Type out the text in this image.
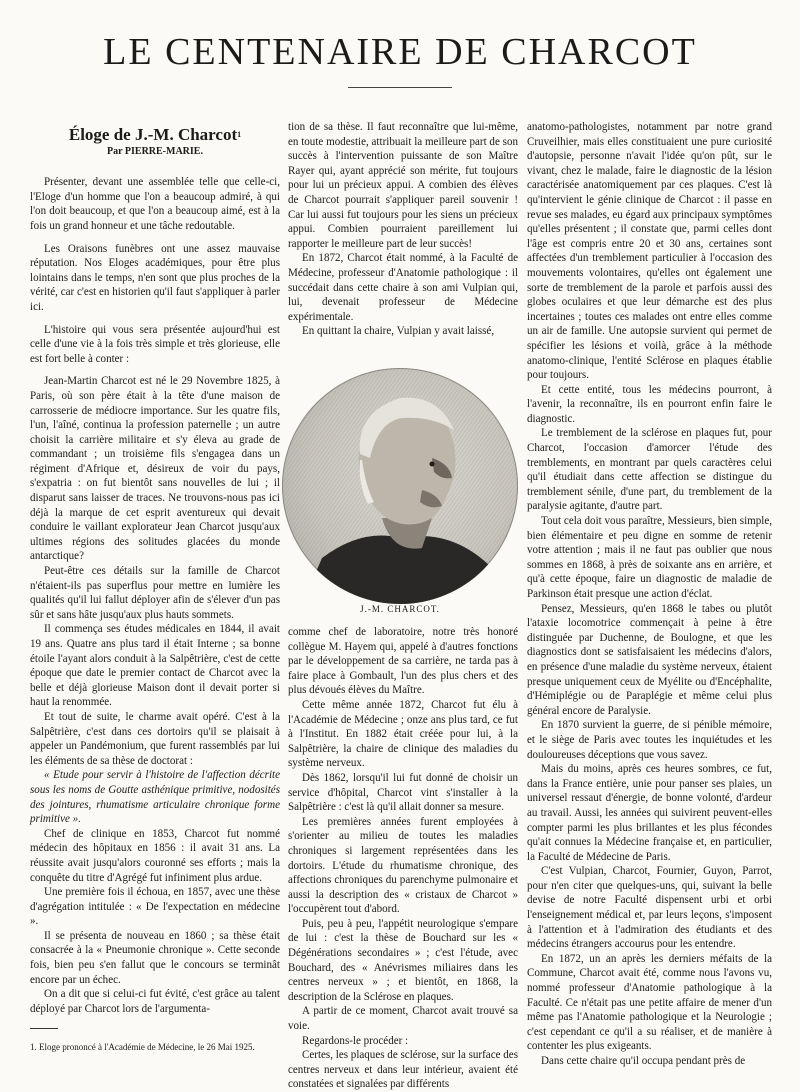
LE CENTENAIRE DE CHARCOT
Éloge de J.-M. Charcot$^1$
Par PIERRE-MARIE.

Présenter, devant une assemblée telle que celle-ci, l'Eloge d'un homme que l'on a beaucoup admiré, à qui l'on doit beaucoup, et que l'on a beaucoup aimé, est à la fois un grand honneur et une tâche redoutable.

Les Oraisons funèbres ont une assez mauvaise réputation. Nos Eloges académiques, pour être plus lointains dans le temps, n'en sont que plus proches de la vérité, car c'est en historien qu'il faut s'appliquer à parler ici.

L'histoire qui vous sera présentée aujourd'hui est celle d'une vie à la fois très simple et très glorieuse, elle est fort belle à conter :

Jean-Martin Charcot est né le 29 Novembre 1825, à Paris, où son père était à la tête d'une maison de carrosserie de médiocre importance. Sur les quatre fils, l'un, l'aîné, continua la profession paternelle ; un autre choisit la carrière militaire et s'y éleva au grade de commandant ; un troisième fils s'engagea dans un régiment d'Afrique et, désireux de voir du pays, s'expatria : on fut bientôt sans nouvelles de lui ; il disparut sans laisser de traces. Ne trouvons-nous pas ici déjà la marque de cet esprit aventureux qui devait conduire le vaillant explorateur Jean Charcot jusqu'aux ultimes régions des solitudes glacées du monde antarctique?

Peut-être ces détails sur la famille de Charcot n'étaient-ils pas superflus pour mettre en lumière les qualités qu'il lui fallut déployer afin de s'élever d'un pas sûr et sans hâte jusqu'aux plus hauts sommets.

Il commença ses études médicales en 1844, il avait 19 ans. Quatre ans plus tard il était Interne ; sa bonne étoile l'ayant alors conduit à la Salpêtrière, c'est de cette époque que date le premier contact de Charcot avec la belle et déjà glorieuse Maison dont il devait porter si haut la renommée.

Et tout de suite, le charme avait opéré. C'est à la Salpêtrière, c'est dans ces dortoirs qu'il se plaisait à appeler un Pandémonium, que furent rassemblés par lui les éléments de sa thèse de doctorat :

« Etude pour servir à l'histoire de l'affection décrite sous les noms de Goutte asthénique primitive, nodosités des jointures, rhumatisme articulaire chronique forme primitive ».

Chef de clinique en 1853, Charcot fut nommé médecin des hôpitaux en 1856 : il avait 31 ans. La réussite avait jusqu'alors couronné ses efforts ; mais la conquête du titre d'Agrégé fut infiniment plus ardue.

Une première fois il échoua, en 1857, avec une thèse d'agrégation intitulée : « De l'expectation en médecine ».

Il se présenta de nouveau en 1860 ; sa thèse était consacrée à la « Pneumonie chronique ». Cette seconde fois, bien peu s'en fallut que le concours se terminât encore par un échec.

On a dit que si celui-ci fut évité, c'est grâce au talent déployé par Charcot lors de l'argumenta-

tion de sa thèse. Il faut reconnaître que lui-même, en toute modestie, attribuait la meilleure part de son succès à l'intervention puissante de son Maître Rayer qui, ayant apprécié son mérite, fut toujours pour lui un précieux appui. A combien des élèves de Charcot pourrait s'appliquer pareil souvenir ! Car lui aussi fut toujours pour les siens un précieux appui. Combien pourraient pareillement lui rapporter le meilleure part de leur succès!

En 1872, Charcot était nommé, à la Faculté de Médecine, professeur d'Anatomie pathologique : il succédait dans cette chaire à son ami Vulpian qui, lui, devenait professeur de Médecine expérimentale.

En quittant la chaire, Vulpian y avait laissé,

J.-M. CHARCOT.

comme chef de laboratoire, notre très honoré collègue M. Hayem qui, appelé à d'autres fonctions par le développement de sa carrière, ne tarda pas à faire place à Gombault, l'un des plus chers et des plus dévoués élèves du Maître.

Cette même année 1872, Charcot fut élu à l'Académie de Médecine ; onze ans plus tard, ce fut à l'Institut. En 1882 était créée pour lui, à la Salpêtrière, la chaire de clinique des maladies du système nerveux.

Dès 1862, lorsqu'il lui fut donné de choisir un service d'hôpital, Charcot vint s'installer à la Salpêtrière : c'est là qu'il allait donner sa mesure.

Les premières années furent employées à s'orienter au milieu de toutes les maladies chroniques si largement représentées dans les dortoirs. L'étude du rhumatisme chronique, des affections chroniques du parenchyme pulmonaire et aussi la description des « cristaux de Charcot » l'occupèrent tout d'abord.

Puis, peu à peu, l'appétit neurologique s'empare de lui : c'est la thèse de Bouchard sur les « Dégénérations secondaires » ; c'est l'étude, avec Bouchard, des « Anévrismes miliaires dans les centres nerveux » ; et bientôt, en 1868, la description de la Sclérose en plaques.

A partir de ce moment, Charcot avait trouvé sa voie.

Regardons-le procéder :

Certes, les plaques de sclérose, sur la surface des centres nerveux et dans leur intérieur, avaient été constatées et signalées par différents

anatomo-pathologistes, notamment par notre grand Cruveilhier, mais elles constituaient une pure curiosité d'autopsie, personne n'avait l'idée qu'on pût, sur le vivant, chez le malade, faire le diagnostic de la lésion caractérisée anatomiquement par ces plaques. C'est là qu'intervient le génie clinique de Charcot : il passe en revue ses malades, eu égard aux principaux symptômes qu'elles présentent ; il constate que, parmi celles dont l'âge est compris entre 20 et 30 ans, certaines sont affectées d'un tremblement particulier à l'occasion des mouvements volontaires, qu'elles ont également une sorte de tremblement de la parole et parfois aussi des globes oculaires et que leur démarche est des plus incertaines ; toutes ces malades ont entre elles comme un air de famille. Une autopsie survient qui permet de spécifier les lésions et voilà, grâce à la méthode anatomo-clinique, l'entité Sclérose en plaques établie pour toujours.

Et cette entité, tous les médecins pourront, à l'avenir, la reconnaître, ils en pourront enfin faire le diagnostic.

Le tremblement de la sclérose en plaques fut, pour Charcot, l'occasion d'amorcer l'étude des tremblements, en montrant par quels caractères celui qu'il étudiait dans cette affection se distingue du tremblement sénile, d'une part, du tremblement de la paralysie agitante, d'autre part.

Tout cela doit vous paraître, Messieurs, bien simple, bien élémentaire et peu digne en somme de retenir votre attention ; mais il ne faut pas oublier que nous sommes en 1868, à près de soixante ans en arrière, et qu'à cette époque, faire un diagnostic de maladie de Parkinson était presque une action d'éclat.

Pensez, Messieurs, qu'en 1868 le tabes ou plutôt l'ataxie locomotrice commençait à peine à être distinguée par Duchenne, de Boulogne, et que les diagnostics dont se satisfaisaient les médecins d'alors, en présence d'une maladie du système nerveux, étaient presque uniquement ceux de Myélite ou d'Encéphalite, d'Hémiplégie ou de Paraplégie et même celui plus général encore de Paralysie.

En 1870 survient la guerre, de si pénible mémoire, et le siège de Paris avec toutes les inquiétudes et les douloureuses déceptions que vous savez.

Mais du moins, après ces heures sombres, ce fut, dans la France entière, unie pour panser ses plaies, un universel ressaut d'énergie, de bonne volonté, d'ardeur au travail. Aussi, les années qui suivirent peuvent-elles compter parmi les plus brillantes et les plus fécondes qu'ait connues la Médecine française et, en particulier, la Faculté de Médecine de Paris.

C'est Vulpian, Charcot, Fournier, Guyon, Parrot, pour n'en citer que quelques-uns, qui, suivant la belle devise de notre Faculté dispensent urbi et orbi l'enseignement médical et, par leurs leçons, s'imposent à l'attention et à l'admiration des étudiants et des médecins étrangers accourus pour les entendre.

En 1872, un an après les derniers méfaits de la Commune, Charcot avait été, comme nous l'avons vu, nommé professeur d'Anatomie pathologique à la Faculté. Ce n'était pas une petite affaire de mener d'un même pas l'Anatomie pathologique et la Neurologie ; c'est cependant ce qu'il a su réaliser, et de manière à contenter les plus exigeants.

Dans cette chaire qu'il occupa pendant près de

1. Eloge prononcé à l'Académie de Médecine, le 26 Mai 1925.
